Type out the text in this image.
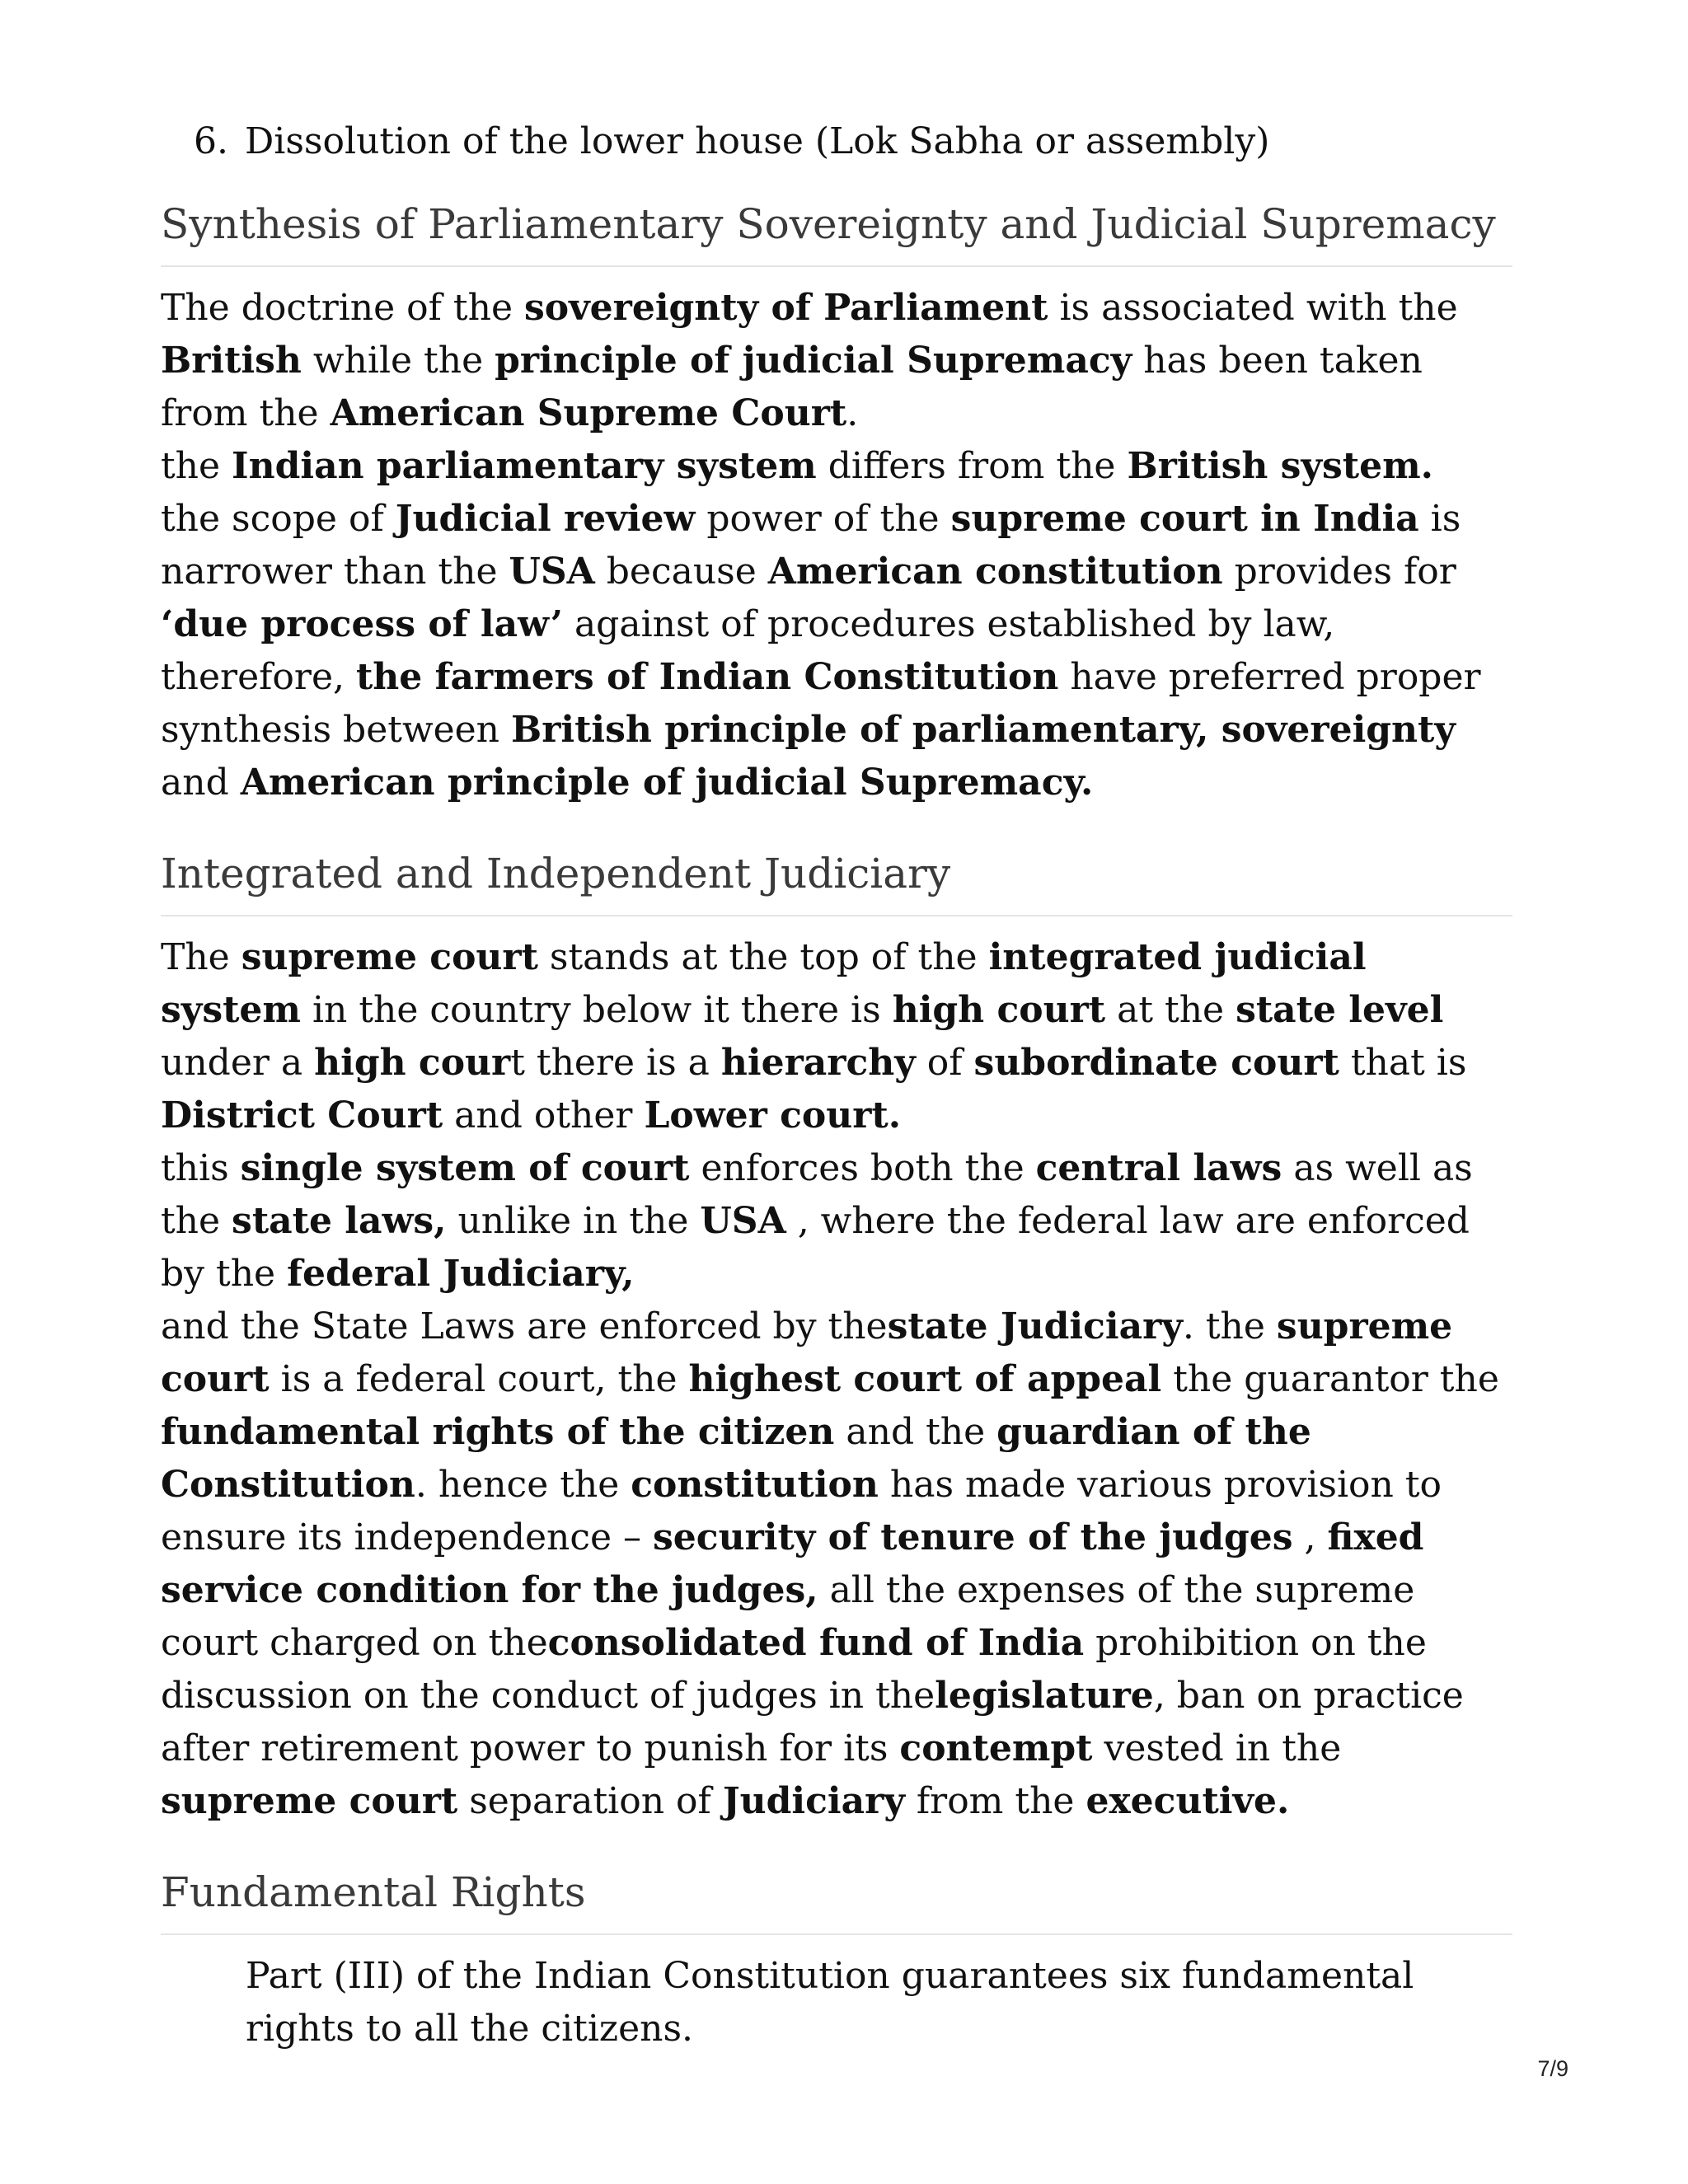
6. Dissolution of the lower house (Lok Sabha or assembly)
Synthesis of Parliamentary Sovereignty and Judicial Supremacy

The doctrine of the sovereignty of Parliament is associated with the British while the principle of judicial Supremacy has been taken from the American Supreme Court.
the Indian parliamentary system differs from the British system.
the scope of Judicial review power of the supreme court in India is narrower than the USA because American constitution provides for ‘due process of law’ against of procedures established by law, therefore, the farmers of Indian Constitution have preferred proper synthesis between British principle of parliamentary, sovereignty and American principle of judicial Supremacy.

Integrated and Independent Judiciary

The supreme court stands at the top of the integrated judicial system in the country below it there is high court at the state level under a high court there is a hierarchy of subordinate court that is District Court and other Lower court.
this single system of court enforces both the central laws as well as the state laws, unlike in the USA , where the federal law are enforced by the federal Judiciary,
and the State Laws are enforced by thestate Judiciary. the supreme court is a federal court, the highest court of appeal the guarantor the fundamental rights of the citizen and the guardian of the Constitution. hence the constitution has made various provision to ensure its independence – security of tenure of the judges , fixed service condition for the judges, all the expenses of the supreme court charged on theconsolidated fund of India prohibition on the discussion on the conduct of judges in thelegislature, ban on practice after retirement power to punish for its contempt vested in the supreme court separation of Judiciary from the executive.

Fundamental Rights

Part (III) of the Indian Constitution guarantees six fundamental rights to all the citizens.

7/9
